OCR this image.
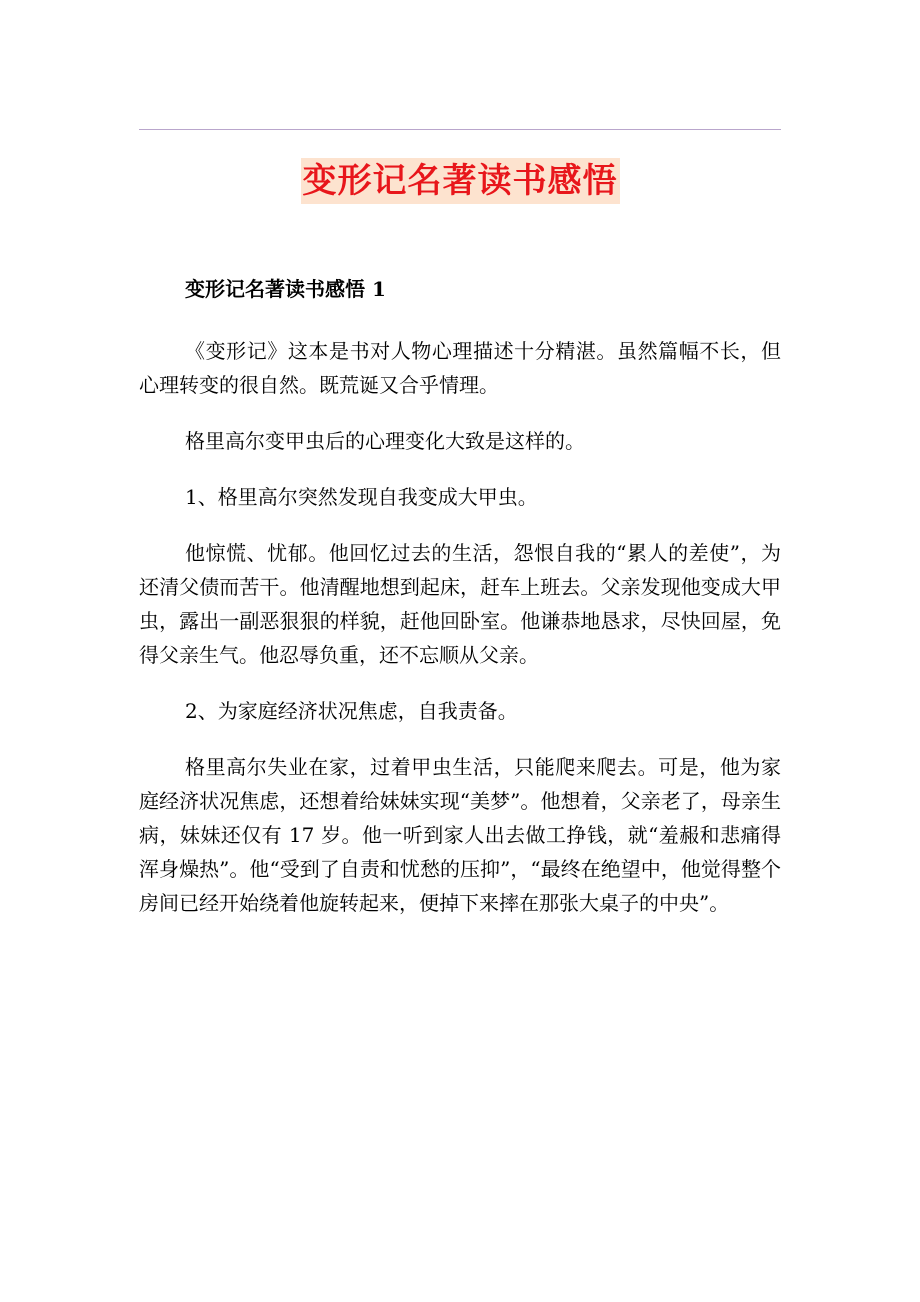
变形记名著读书感悟

变形记名著读书感悟 1

《变形记》这本是书对人物心理描述十分精湛。虽然篇幅不长，但心理转变的很自然。既荒诞又合乎情理。

格里高尔变甲虫后的心理变化大致是这样的。

1、格里高尔突然发现自我变成大甲虫。

他惊慌、忧郁。他回忆过去的生活，怨恨自我的“累人的差使”，为还清父债而苦干。他清醒地想到起床，赶车上班去。父亲发现他变成大甲虫，露出一副恶狠狠的样貌，赶他回卧室。他谦恭地恳求，尽快回屋，免得父亲生气。他忍辱负重，还不忘顺从父亲。

2、为家庭经济状况焦虑，自我责备。

格里高尔失业在家，过着甲虫生活，只能爬来爬去。可是，他为家庭经济状况焦虑，还想着给妹妹实现“美梦”。他想着，父亲老了，母亲生病，妹妹还仅有 17 岁。他一听到家人出去做工挣钱，就“羞赧和悲痛得浑身燥热”。他“受到了自责和忧愁的压抑”，“最终在绝望中，他觉得整个房间已经开始绕着他旋转起来，便掉下来摔在那张大桌子的中央”。
